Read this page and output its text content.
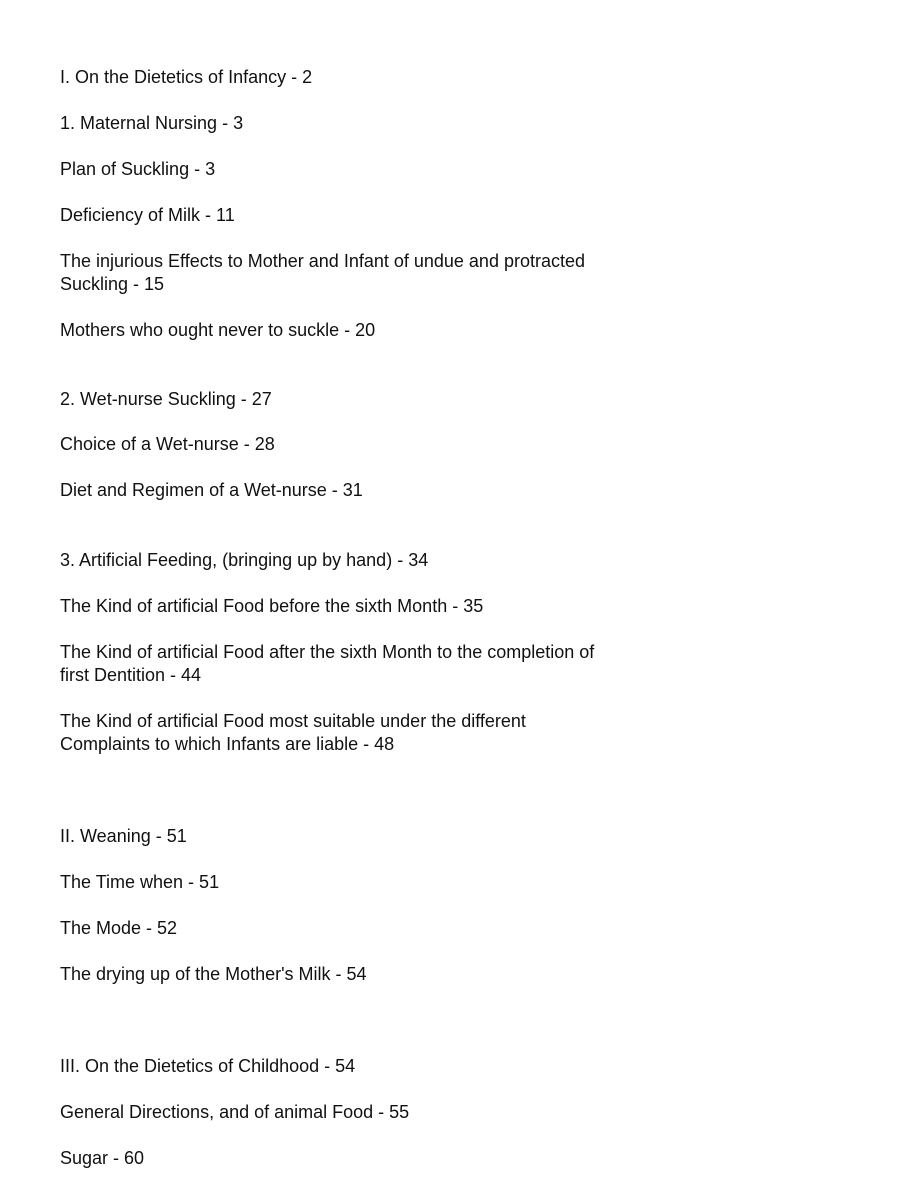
I. On the Dietetics of Infancy - 2
1. Maternal Nursing - 3
Plan of Suckling - 3
Deficiency of Milk - 11
The injurious Effects to Mother and Infant of undue and protracted
Suckling - 15
Mothers who ought never to suckle - 20
2. Wet-nurse Suckling - 27
Choice of a Wet-nurse - 28
Diet and Regimen of a Wet-nurse - 31
3. Artificial Feeding, (bringing up by hand) - 34
The Kind of artificial Food before the sixth Month - 35
The Kind of artificial Food after the sixth Month to the completion of
first Dentition - 44
The Kind of artificial Food most suitable under the different
Complaints to which Infants are liable - 48
II. Weaning - 51
The Time when - 51
The Mode - 52
The drying up of the Mother's Milk - 54
III. On the Dietetics of Childhood - 54
General Directions, and of animal Food - 55
Sugar - 60
